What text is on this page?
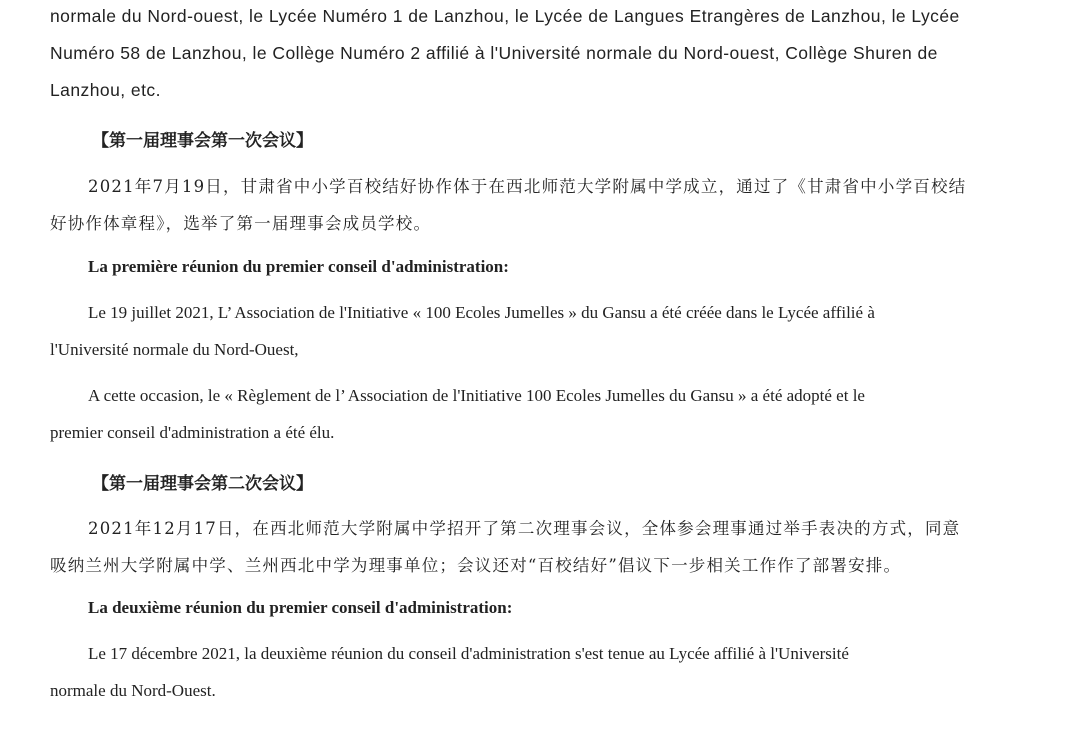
normale du Nord-ouest, le Lycée Numéro 1 de Lanzhou, le Lycée de Langues Etrangères de Lanzhou, le Lycée

Numéro 58 de Lanzhou, le Collège Numéro 2 affilié à l'Université normale du Nord-ouest, Collège Shuren de

Lanzhou, etc.

【第一届理事会第一次会议】

2021年7月19日，甘肃省中小学百校结好协作体于在西北师范大学附属中学成立，通过了《甘肃省中小学百校结

好协作体章程》，选举了第一届理事会成员学校。

La première réunion du premier conseil d'administration:

Le 19 juillet 2021, L’ Association de l'Initiative « 100 Ecoles Jumelles » du Gansu a été créée dans le Lycée affilié à

l'Université normale du Nord-Ouest,

A cette occasion, le « Règlement de l’ Association de l'Initiative 100 Ecoles Jumelles du Gansu » a été adopté et le

premier conseil d'administration a été élu.

【第一届理事会第二次会议】

2021年12月17日，在西北师范大学附属中学招开了第二次理事会议，全体参会理事通过举手表决的方式，同意

吸纳兰州大学附属中学、兰州西北中学为理事单位；会议还对“百校结好”倡议下一步相关工作作了部署安排。

La deuxième réunion du premier conseil d'administration:

Le 17 décembre 2021, la deuxième réunion du conseil d'administration s'est tenue au Lycée affilié à l'Université

normale du Nord-Ouest.
